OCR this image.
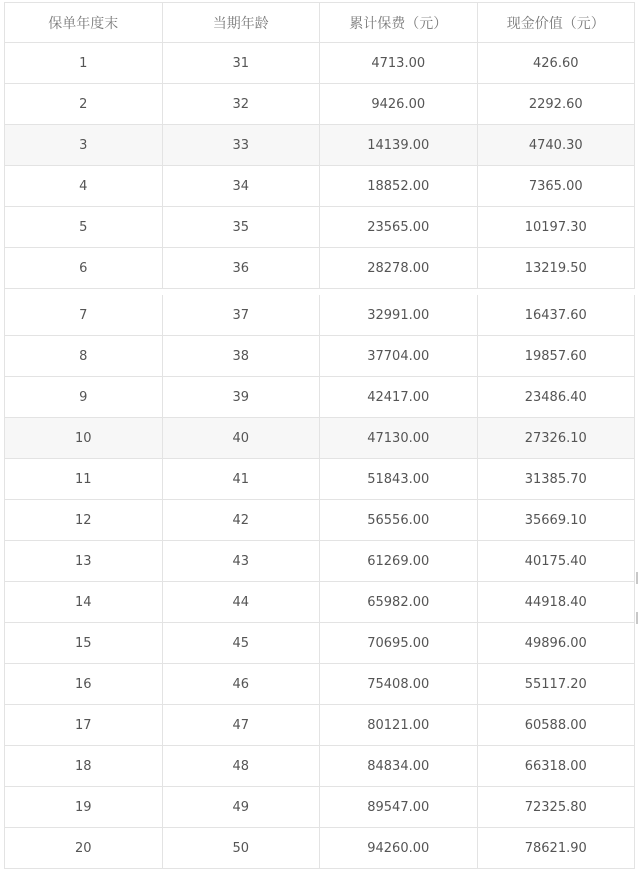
保单年度末	当期年龄	累计保费（元）	现金价值（元）
1	31	4713.00	426.60
2	32	9426.00	2292.60
3	33	14139.00	4740.30
4	34	18852.00	7365.00
5	35	23565.00	10197.30
6	36	28278.00	13219.50
7	37	32991.00	16437.60
8	38	37704.00	19857.60
9	39	42417.00	23486.40
10	40	47130.00	27326.10
11	41	51843.00	31385.70
12	42	56556.00	35669.10
13	43	61269.00	40175.40
14	44	65982.00	44918.40
15	45	70695.00	49896.00
16	46	75408.00	55117.20
17	47	80121.00	60588.00
18	48	84834.00	66318.00
19	49	89547.00	72325.80
20	50	94260.00	78621.90
